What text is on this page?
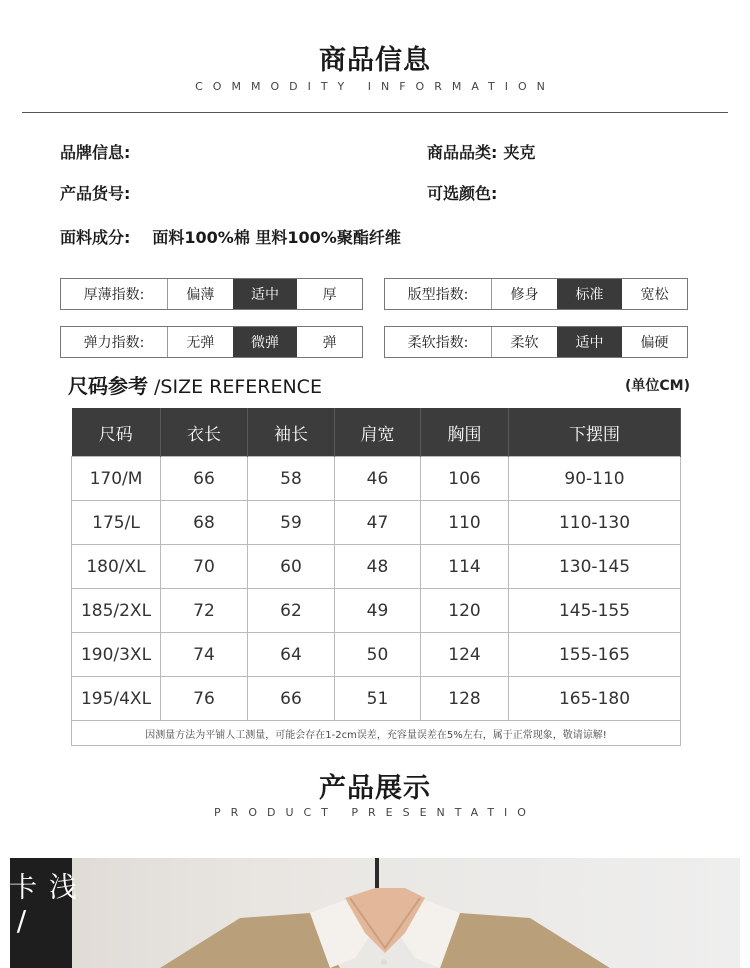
商品信息
COMMODITY INFORMATION
品牌信息:	商品品类: 夹克
产品货号:	可选颜色:
面料成分: 面料100%棉 里料100%聚酯纤维
厚薄指数:	偏薄	适中	厚	版型指数:	修身	标准	宽松
弹力指数:	无弹	微弹	弹	柔软指数:	柔软	适中	偏硬
尺码参考 /SIZE REFERENCE	(单位CM)
尺码	衣长	袖长	肩宽	胸围	下摆围
170/M	66	58	46	106	90-110
175/L	68	59	47	110	110-130
180/XL	70	60	48	114	130-145
185/2XL	72	62	49	120	145-155
190/3XL	74	64	50	124	155-165
195/4XL	76	66	51	128	165-180
因测量方法为平铺人工测量，可能会存在1-2cm误差，充容量误差在5%左右，属于正常现象，敬请谅解!					
产品展示
PRODUCT PRESENTATIO
浅卡/
